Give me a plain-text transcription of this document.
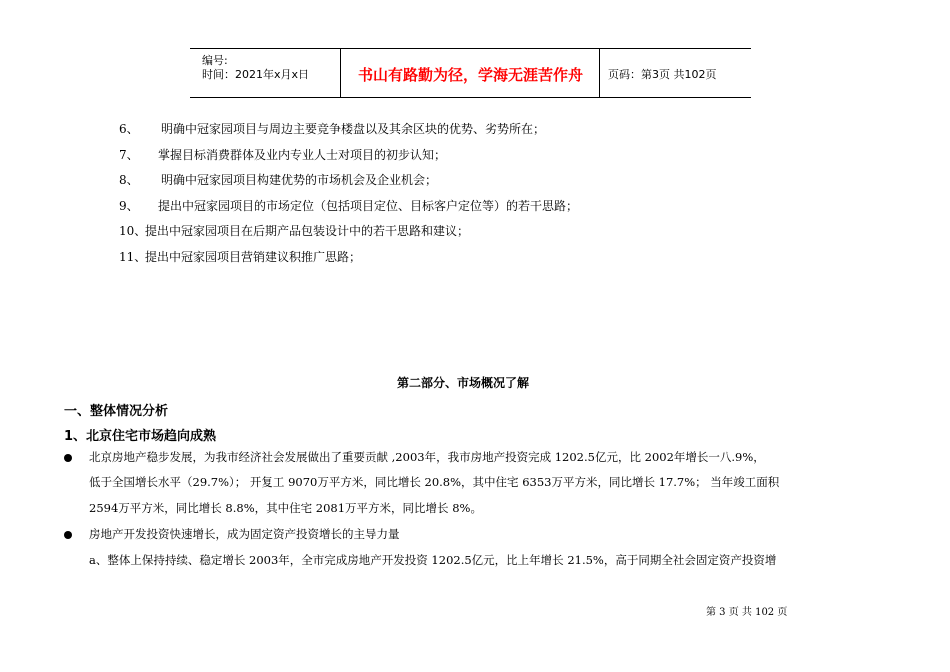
编号:
时间：2021年x月x日	书山有路勤为径，学海无涯苦作舟	页码：第3页 共102页
6、 明确中冠家园项目与周边主要竞争楼盘以及其余区块的优势、劣势所在；
7、 掌握目标消费群体及业内专业人士对项目的初步认知；
8、 明确中冠家园项目构建优势的市场机会及企业机会；
9、 提出中冠家园项目的市场定位（包括项目定位、目标客户定位等）的若干思路；
10、
提出中冠家园项目在后期产品包装设计中的若干思路和建议；
11、
提出中冠家园项目营销建议积推广思路；
第二部分、市场概况了解
一、整体情况分析
1、北京住宅市场趋向成熟
北京房地产稳步发展，为我市经济社会发展做出了重要贡献 ,2003年，我市房地产投资完成 1202.5亿元，比 2002年增长一八.9%，
低于全国增长水平（29.7%）； 开复工 9070万平方米，同比增长 20.8%，其中住宅 6353万平方米，同比增长 17.7%； 当年竣工面积
2594万平方米，同比增长 8.8%，其中住宅 2081万平方米，同比增长 8%。
房地产开发投资快速增长，成为固定资产投资增长的主导力量
a、整体上保持持续、稳定增长 2003年，全市完成房地产开发投资 1202.5亿元，比上年增长 21.5%，高于同期全社会固定资产投资增
第 3 页 共 102 页
